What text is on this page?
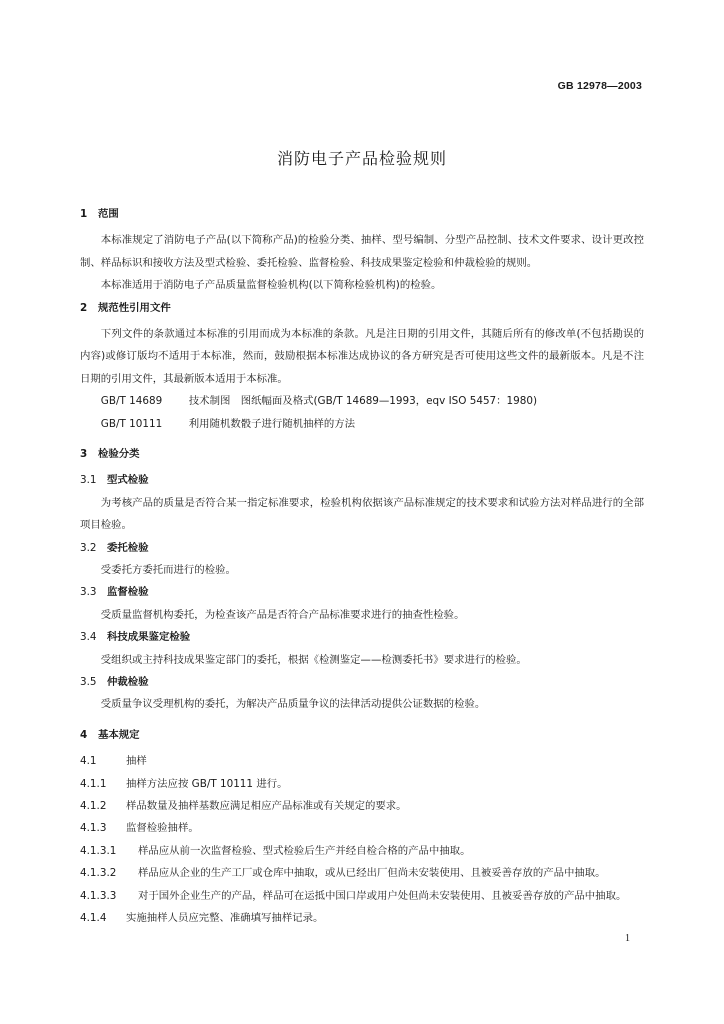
GB 12978—2003
消防电子产品检验规则
1 范围
本标准规定了消防电子产品(以下简称产品)的检验分类、抽样、型号编制、分型产品控制、技术文件要求、设计更改控制、样品标识和接收方法及型式检验、委托检验、监督检验、科技成果鉴定检验和仲裁检验的规则。
本标准适用于消防电子产品质量监督检验机构(以下简称检验机构)的检验。
2 规范性引用文件
下列文件的条款通过本标准的引用而成为本标准的条款。凡是注日期的引用文件，其随后所有的修改单(不包括勘误的内容)或修订版均不适用于本标准，然而，鼓励根据本标准达成协议的各方研究是否可使用这些文件的最新版本。凡是不注日期的引用文件，其最新版本适用于本标准。
GB/T 14689	技术制图　图纸幅面及格式(GB/T 14689—1993，eqv ISO 5457：1980)
GB/T 10111	利用随机数骰子进行随机抽样的方法
3 检验分类
3.1 型式检验
为考核产品的质量是否符合某一指定标准要求，检验机构依据该产品标准规定的技术要求和试验方法对样品进行的全部项目检验。
3.2 委托检验
受委托方委托而进行的检验。
3.3 监督检验
受质量监督机构委托，为检查该产品是否符合产品标准要求进行的抽查性检验。
3.4 科技成果鉴定检验
受组织或主持科技成果鉴定部门的委托，根据《检测鉴定——检测委托书》要求进行的检验。
3.5 仲裁检验
受质量争议受理机构的委托，为解决产品质量争议的法律活动提供公证数据的检验。
4 基本规定
4.1	抽样
4.1.1 抽样方法应按 GB/T 10111 进行。
4.1.2 样品数量及抽样基数应满足相应产品标准或有关规定的要求。
4.1.3 监督检验抽样。
4.1.3.1 样品应从前一次监督检验、型式检验后生产并经自检合格的产品中抽取。
4.1.3.2 样品应从企业的生产工厂或仓库中抽取，或从已经出厂但尚未安装使用、且被妥善存放的产品中抽取。
4.1.3.3 对于国外企业生产的产品，样品可在运抵中国口岸或用户处但尚未安装使用、且被妥善存放的产品中抽取。
4.1.4 实施抽样人员应完整、准确填写抽样记录。
1
